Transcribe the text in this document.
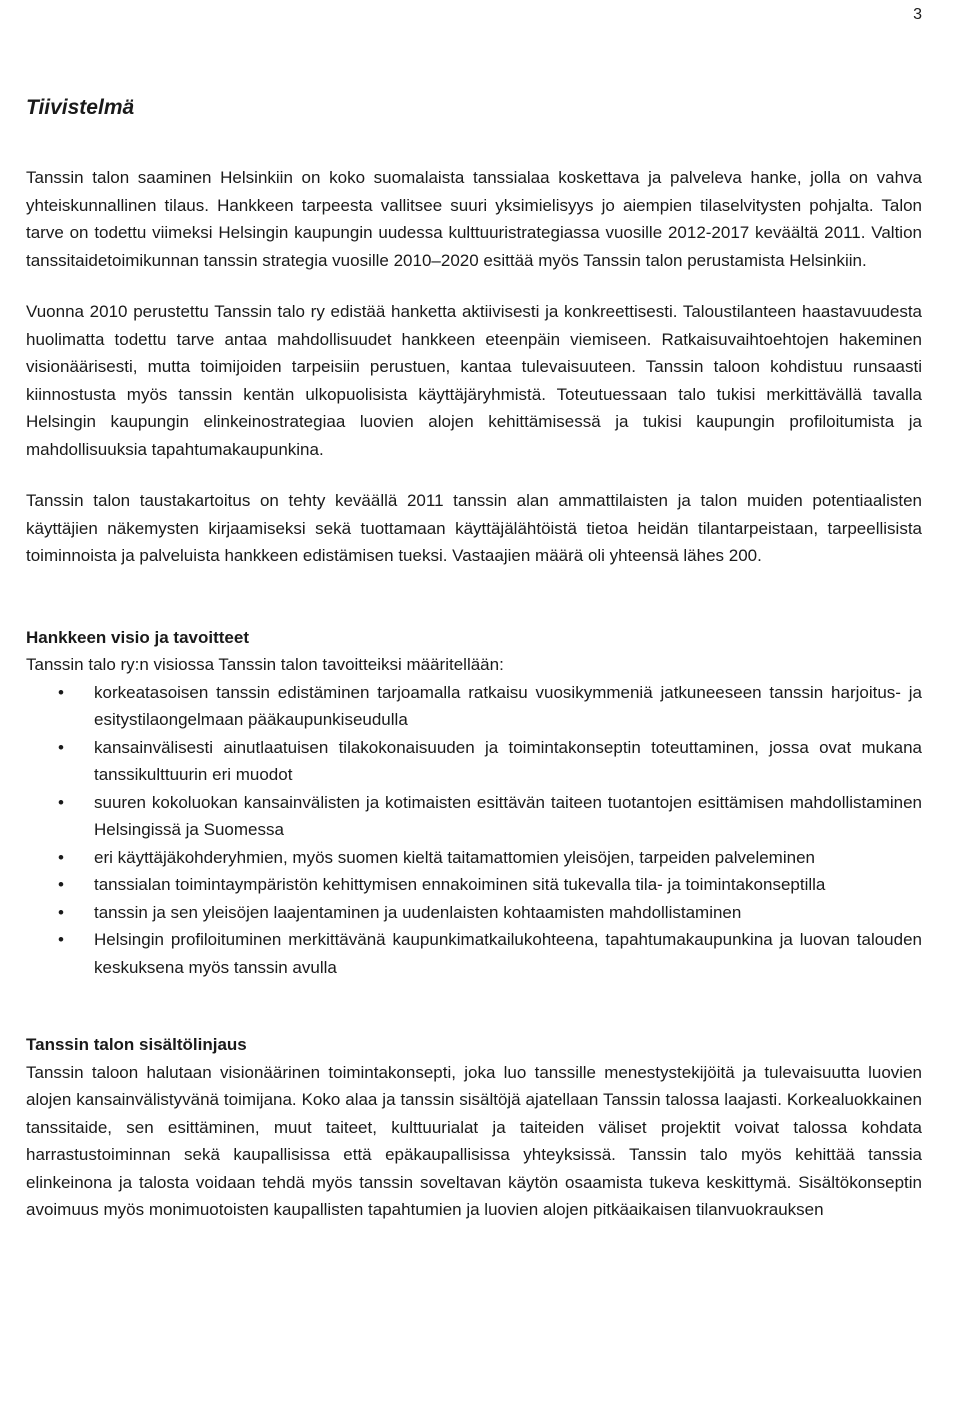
3
Tiivistelmä

Tanssin talon saaminen Helsinkiin on koko suomalaista tanssialaa koskettava ja palveleva hanke, jolla on vahva yhteiskunnallinen tilaus. Hankkeen tarpeesta vallitsee suuri yksimielisyys jo aiempien tilaselvitysten pohjalta. Talon tarve on todettu viimeksi Helsingin kaupungin uudessa kulttuuristrategiassa vuosille 2012-2017 keväältä 2011. Valtion tanssitaidetoimikunnan tanssin strategia vuosille 2010–2020 esittää myös Tanssin talon perustamista Helsinkiin.

Vuonna 2010 perustettu Tanssin talo ry edistää hanketta aktiivisesti ja konkreettisesti. Taloustilanteen haastavuudesta huolimatta todettu tarve antaa mahdollisuudet hankkeen eteenpäin viemiseen. Ratkaisuvaihtoehtojen hakeminen visionäärisesti, mutta toimijoiden tarpeisiin perustuen, kantaa tulevaisuuteen. Tanssin taloon kohdistuu runsaasti kiinnostusta myös tanssin kentän ulkopuolisista käyttäjäryhmistä. Toteutuessaan talo tukisi merkittävällä tavalla Helsingin kaupungin elinkeinostrategiaa luovien alojen kehittämisessä ja tukisi kaupungin profiloitumista ja mahdollisuuksia tapahtumakaupunkina.

Tanssin talon taustakartoitus on tehty keväällä 2011 tanssin alan ammattilaisten ja talon muiden potentiaalisten käyttäjien näkemysten kirjaamiseksi sekä tuottamaan käyttäjälähtöistä tietoa heidän tilantarpeistaan, tarpeellisista toiminnoista ja palveluista hankkeen edistämisen tueksi. Vastaajien määrä oli yhteensä lähes 200.

Hankkeen visio ja tavoitteet

Tanssin talo ry:n visiossa Tanssin talon tavoitteiksi määritellään:

• korkeatasoisen tanssin edistäminen tarjoamalla ratkaisu vuosikymmeniä jatkuneeseen tanssin harjoitus- ja esitystilaongelmaan pääkaupunkiseudulla
• kansainvälisesti ainutlaatuisen tilakokonaisuuden ja toimintakonseptin toteuttaminen, jossa ovat mukana tanssikulttuurin eri muodot
• suuren kokoluokan kansainvälisten ja kotimaisten esittävän taiteen tuotantojen esittämisen mahdollistaminen Helsingissä ja Suomessa
• eri käyttäjäkohderyhmien, myös suomen kieltä taitamattomien yleisöjen, tarpeiden palveleminen
• tanssialan toimintaympäristön kehittymisen ennakoiminen sitä tukevalla tila- ja toimintakonseptilla
• tanssin ja sen yleisöjen laajentaminen ja uudenlaisten kohtaamisten mahdollistaminen
• Helsingin profiloituminen merkittävänä kaupunkimatkailukohteena, tapahtumakaupunkina ja luovan talouden keskuksena myös tanssin avulla
Tanssin talon sisältölinjaus

Tanssin taloon halutaan visionäärinen toimintakonsepti, joka luo tanssille menestystekijöitä ja tulevaisuutta luovien alojen kansainvälistyvänä toimijana. Koko alaa ja tanssin sisältöjä ajatellaan Tanssin talossa laajasti. Korkealuokkainen tanssitaide, sen esittäminen, muut taiteet, kulttuurialat ja taiteiden väliset projektit voivat talossa kohdata harrastustoiminnan sekä kaupallisissa että epäkaupallisissa yhteyksissä. Tanssin talo myös kehittää tanssia elinkeinona ja talosta voidaan tehdä myös tanssin soveltavan käytön osaamista tukeva keskittymä. Sisältökonseptin avoimuus myös monimuotoisten kaupallisten tapahtumien ja luovien alojen pitkäaikaisen tilanvuokrauksen
